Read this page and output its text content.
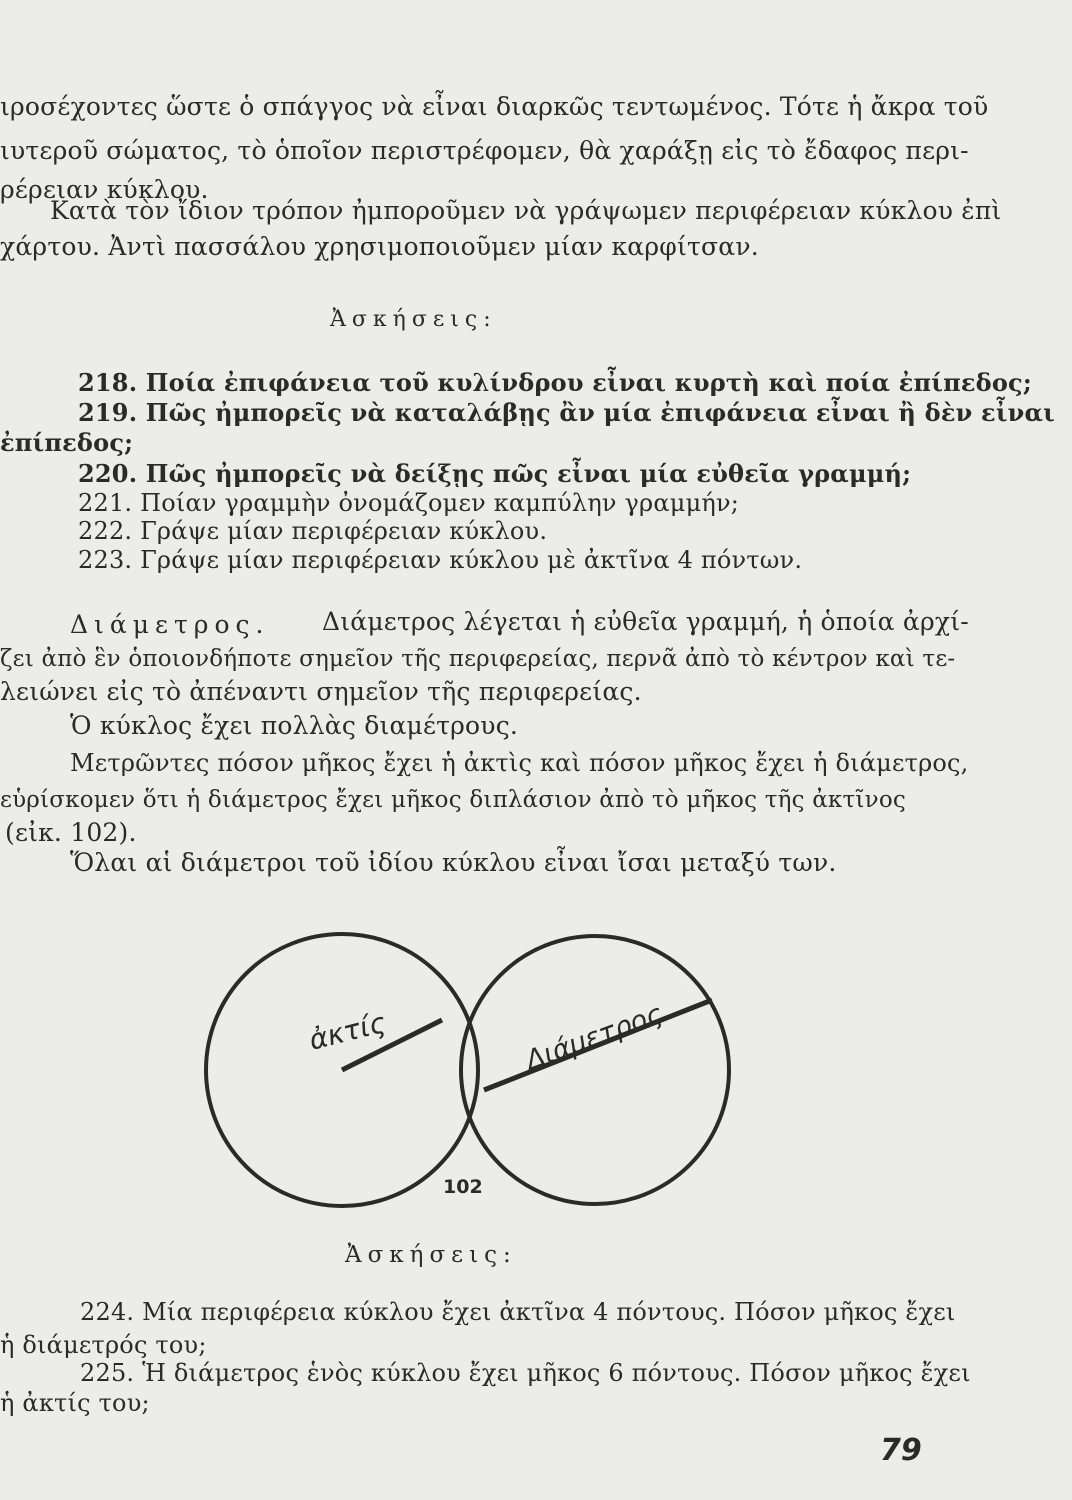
ιροσέχοντες ὥστε ὁ σπάγγος νὰ εἶναι διαρκῶς τεντωμένος. Τότε ἡ ἄκρα τοῦ
ιυτεροῦ σώματος, τὸ ὁποῖον περιστρέφομεν, θὰ χαράξῃ εἰς τὸ ἔδαφος περι-
ρέρειαν κύκλου.
Κατὰ τὸν ἴδιον τρόπον ἠμποροῦμεν νὰ γράψωμεν περιφέρειαν κύκλου ἐπὶ
χάρτου. Ἀντὶ πασσάλου χρησιμοποιοῦμεν μίαν καρφίτσαν.
Ἀσκήσεις:
218. Ποία ἐπιφάνεια τοῦ κυλίνδρου εἶναι κυρτὴ καὶ ποία ἐπίπεδος;
219. Πῶς ἠμπορεῖς νὰ καταλάβῃς ἂν μία ἐπιφάνεια εἶναι ἢ δὲν εἶναι
ἐπίπεδος;
220. Πῶς ἠμπορεῖς νὰ δείξῃς πῶς εἶναι μία εὐθεῖα γραμμή;
221. Ποίαν γραμμὴν ὀνομάζομεν καμπύλην γραμμήν;
222. Γράψε μίαν περιφέρειαν κύκλου.
223. Γράψε μίαν περιφέρειαν κύκλου μὲ ἀκτῖνα 4 πόντων.
Διάμετρος. Διάμετρος λέγεται ἡ εὐθεῖα γραμμή, ἡ ὁποία ἀρχί-
ζει ἀπὸ ἓν ὁποιονδήποτε σημεῖον τῆς περιφερείας, περνᾶ ἀπὸ τὸ κέντρον καὶ τε-
λειώνει εἰς τὸ ἀπέναντι σημεῖον τῆς περιφερείας.
Ὁ κύκλος ἔχει πολλὰς διαμέτρους.
Μετρῶντες πόσον μῆκος ἔχει ἡ ἀκτὶς καὶ πόσον μῆκος ἔχει ἡ διάμετρος,
εὑρίσκομεν ὅτι ἡ διάμετρος ἔχει μῆκος διπλάσιον ἀπὸ τὸ μῆκος τῆς ἀκτῖνος
(εἰκ. 102).
Ὅλαι αἱ διάμετροι τοῦ ἰδίου κύκλου εἶναι ἴσαι μεταξύ των.
ἀκτίς	Διάμετρος
102
Ἀσκήσεις:
224. Μία περιφέρεια κύκλου ἔχει ἀκτῖνα 4 πόντους. Πόσον μῆκος ἔχει
ἡ διάμετρός του;
225. Ἡ διάμετρος ἑνὸς κύκλου ἔχει μῆκος 6 πόντους. Πόσον μῆκος ἔχει
ἡ ἀκτίς του;
79
